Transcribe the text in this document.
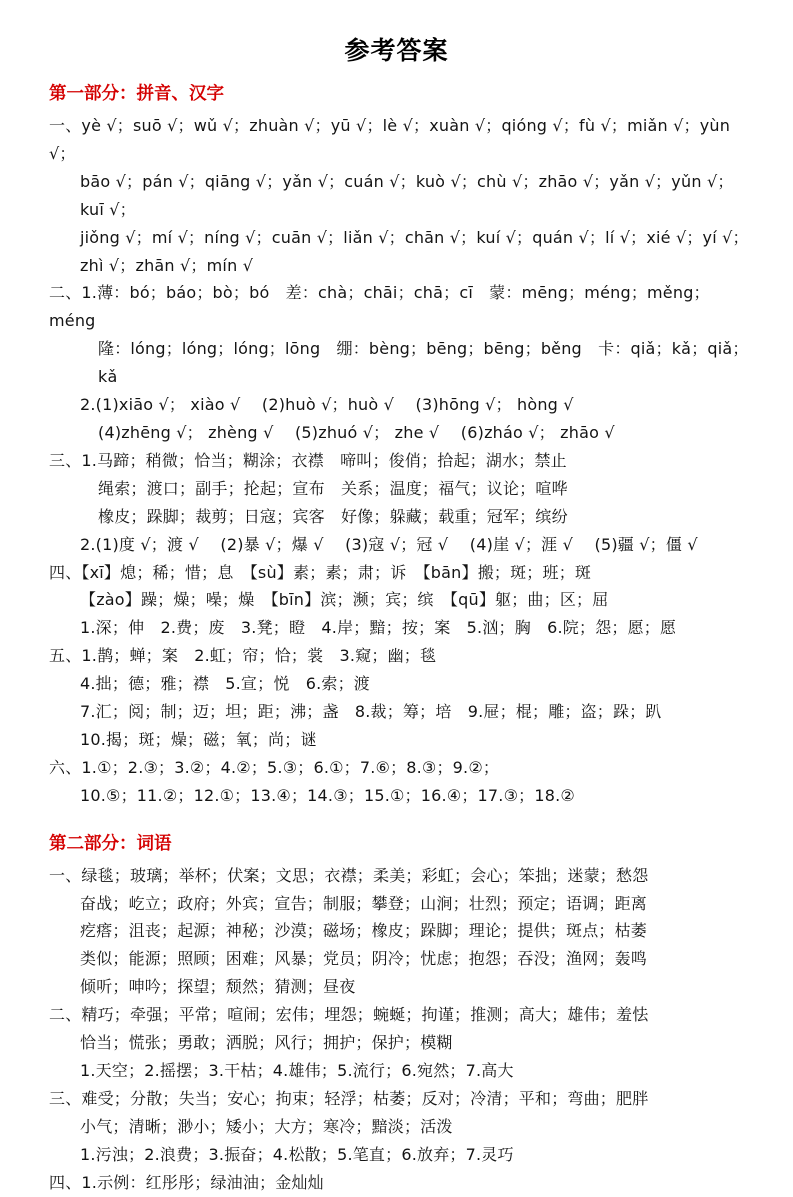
参考答案
第一部分：拼音、汉字
一、yè √；suō √；wǔ √；zhuàn √；yū √；lè √；xuàn √；qióng √；fù √；miǎn √；yùn √；
bāo √；pán √；qiāng √；yǎn √；cuán √；kuò √；chù √；zhāo √；yǎn √；yǔn √；kuī √；
jiǒng √；mí √；níng √；cuān √；liǎn √；chān √；kuí √；quán √；lí √；xié √；yí √；
zhì √；zhān √；mín √
二、1.薄：bó；báo；bò；bó　差：chà；chāi；chā；cī　蒙：mēng；méng；měng；méng
隆：lóng；lóng；lóng；lōng　绷：bèng；bēng；bēng；běng　卡：qiǎ；kǎ；qiǎ；kǎ
2.(1)xiāo √； xiào √　 (2)huò √；huò √　 (3)hōng √； hòng √
(4)zhēng √； zhèng √　 (5)zhuó √； zhe √　 (6)zháo √； zhāo √
三、1.马蹄；稍微；恰当；糊涂；衣襟　啼叫；俊俏；拾起；湖水；禁止
绳索；渡口；副手；抡起；宣布　关系；温度；福气；议论；喧哗
橡皮；跺脚；裁剪；日寇；宾客　好像；躲藏；载重；冠军；缤纷
2.(1)度 √；渡 √　 (2)暴 √；爆 √　 (3)寇 √；冠 √　 (4)崖 √；涯 √　 (5)疆 √；僵 √
四、【xī】熄；稀；惜；息　【sù】素；素；肃；诉　【bān】搬；斑；班；斑
【zào】躁；燥；噪；燥　【bīn】滨；濒；宾；缤　【qū】躯；曲；区；屈
1.深；伸　2.费；废　3.凳；瞪　4.岸；黯；按；案　5.汹；胸　6.院；怨；愿；愿
五、1.鹊；蝉；案　2.虹；帘；恰；裳　3.窥；幽；毯
4.拙；德；雅；襟　5.宣；悦　6.索；渡
7.汇；阅；制；迈；坦；距；沸；盏　8.裁；筹；培　9.屉；棍；雕；盗；跺；趴
10.揭；斑；燥；磁；氧；尚；谜
六、1.①；2.③；3.②；4.②；5.③；6.①；7.⑥；8.③；9.②；
10.⑤；11.②；12.①；13.④；14.③；15.①；16.④；17.③；18.②
第二部分：词语
一、绿毯；玻璃；举杯；伏案；文思；衣襟；柔美；彩虹；会心；笨拙；迷蒙；愁怨
奋战；屹立；政府；外宾；宣告；制服；攀登；山涧；壮烈；预定；语调；距离
疙瘩；沮丧；起源；神秘；沙漠；磁场；橡皮；跺脚；理论；提供；斑点；枯萎
类似；能源；照顾；困难；风暴；党员；阴冷；忧虑；抱怨；吞没；渔网；轰鸣
倾听；呻吟；探望；颓然；猜测；昼夜
二、精巧；牵强；平常；喧闹；宏伟；埋怨；蜿蜒；拘谨；推测；高大；雄伟；羞怯
恰当；慌张；勇敢；洒脱；风行；拥护；保护；模糊
1.天空；2.摇摆；3.干枯；4.雄伟；5.流行；6.宛然；7.高大
三、难受；分散；失当；安心；拘束；轻浮；枯萎；反对；冷清；平和；弯曲；肥胖
小气；清晰；渺小；矮小；大方；寒冷；黯淡；活泼
1.污浊；2.浪费；3.振奋；4.松散；5.笔直；6.放弃；7.灵巧
四、1.示例：红彤彤；绿油油；金灿灿
